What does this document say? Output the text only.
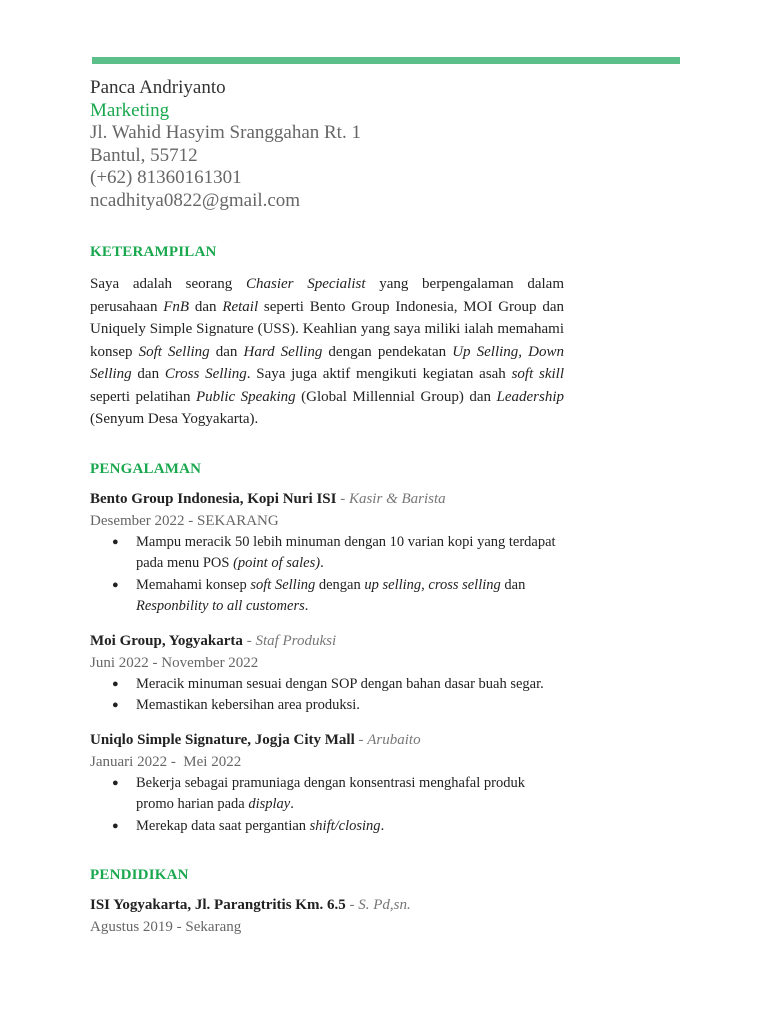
Panca Andriyanto
Marketing
Jl. Wahid Hasyim Sranggahan Rt. 1
Bantul, 55712
(+62) 81360161301
ncadhitya0822@gmail.com
KETERAMPILAN

Saya adalah seorang Chasier Specialist yang berpengalaman dalam perusahaan FnB dan Retail seperti Bento Group Indonesia, MOI Group dan Uniquely Simple Signature (USS). Keahlian yang saya miliki ialah memahami konsep Soft Selling dan Hard Selling dengan pendekatan Up Selling, Down Selling dan Cross Selling. Saya juga aktif mengikuti kegiatan asah soft skill seperti pelatihan Public Speaking (Global Millennial Group) dan Leadership (Senyum Desa Yogyakarta).

PENGALAMAN
Bento Group Indonesia, Kopi Nuri ISI - Kasir & Barista
Desember 2022 - SEKARANG
● Mampu meracik 50 lebih minuman dengan 10 varian kopi yang terdapat pada menu POS (point of sales).
● Memahami konsep soft Selling dengan up selling, cross selling dan Responbility to all customers.
Moi Group, Yogyakarta - Staf Produksi
Juni 2022 - November 2022
● Meracik minuman sesuai dengan SOP dengan bahan dasar buah segar.
● Memastikan kebersihan area produksi.
Uniqlo Simple Signature, Jogja City Mall - Arubaito
Januari 2022 -  Mei 2022
● Bekerja sebagai pramuniaga dengan konsentrasi menghafal produk promo harian pada display.
● Merekap data saat pergantian shift/closing.
PENDIDIKAN
ISI Yogyakarta, Jl. Parangtritis Km. 6.5 - S. Pd,sn.
Agustus 2019 - Sekarang
